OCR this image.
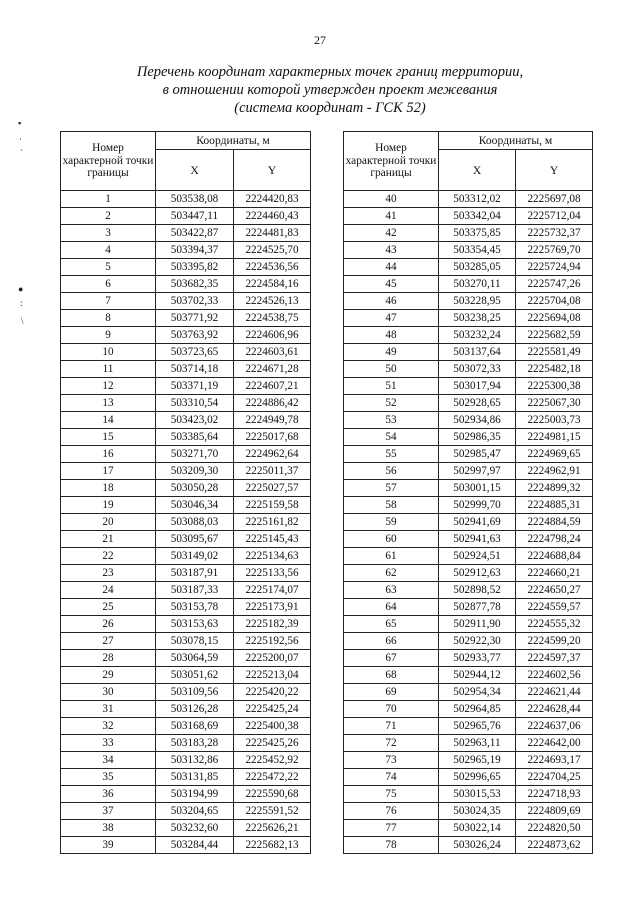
27
Перечень координат характерных точек границ территории,
в отношении которой утвержден проект межевания
(система координат - ГСК 52)
▪
·
`
●
:
\
Номер характерной точки границы	Координаты, м	
	X	Y
1	503538,08	2224420,83
2	503447,11	2224460,43
3	503422,87	2224481,83
4	503394,37	2224525,70
5	503395,82	2224536,56
6	503682,35	2224584,16
7	503702,33	2224526,13
8	503771,92	2224538,75
9	503763,92	2224606,96
10	503723,65	2224603,61
11	503714,18	2224671,28
12	503371,19	2224607,21
13	503310,54	2224886,42
14	503423,02	2224949,78
15	503385,64	2225017,68
16	503271,70	2224962,64
17	503209,30	2225011,37
18	503050,28	2225027,57
19	503046,34	2225159,58
20	503088,03	2225161,82
21	503095,67	2225145,43
22	503149,02	2225134,63
23	503187,91	2225133,56
24	503187,33	2225174,07
25	503153,78	2225173,91
26	503153,63	2225182,39
27	503078,15	2225192,56
28	503064,59	2225200,07
29	503051,62	2225213,04
30	503109,56	2225420,22
31	503126,28	2225425,24
32	503168,69	2225400,38
33	503183,28	2225425,26
34	503132,86	2225452,92
35	503131,85	2225472,22
36	503194,99	2225590,68
37	503204,65	2225591,52
38	503232,60	2225626,21
39	503284,44	2225682,13
Номер характерной точки границы	Координаты, м	
	X	Y
40	503312,02	2225697,08
41	503342,04	2225712,04
42	503375,85	2225732,37
43	503354,45	2225769,70
44	503285,05	2225724,94
45	503270,11	2225747,26
46	503228,95	2225704,08
47	503238,25	2225694,08
48	503232,24	2225682,59
49	503137,64	2225581,49
50	503072,33	2225482,18
51	503017,94	2225300,38
52	502928,65	2225067,30
53	502934,86	2225003,73
54	502986,35	2224981,15
55	502985,47	2224969,65
56	502997,97	2224962,91
57	503001,15	2224899,32
58	502999,70	2224885,31
59	502941,69	2224884,59
60	502941,63	2224798,24
61	502924,51	2224688,84
62	502912,63	2224660,21
63	502898,52	2224650,27
64	502877,78	2224559,57
65	502911,90	2224555,32
66	502922,30	2224599,20
67	502933,77	2224597,37
68	502944,12	2224602,56
69	502954,34	2224621,44
70	502964,85	2224628,44
71	502965,76	2224637,06
72	502963,11	2224642,00
73	502965,19	2224693,17
74	502996,65	2224704,25
75	503015,53	2224718,93
76	503024,35	2224809,69
77	503022,14	2224820,50
78	503026,24	2224873,62
